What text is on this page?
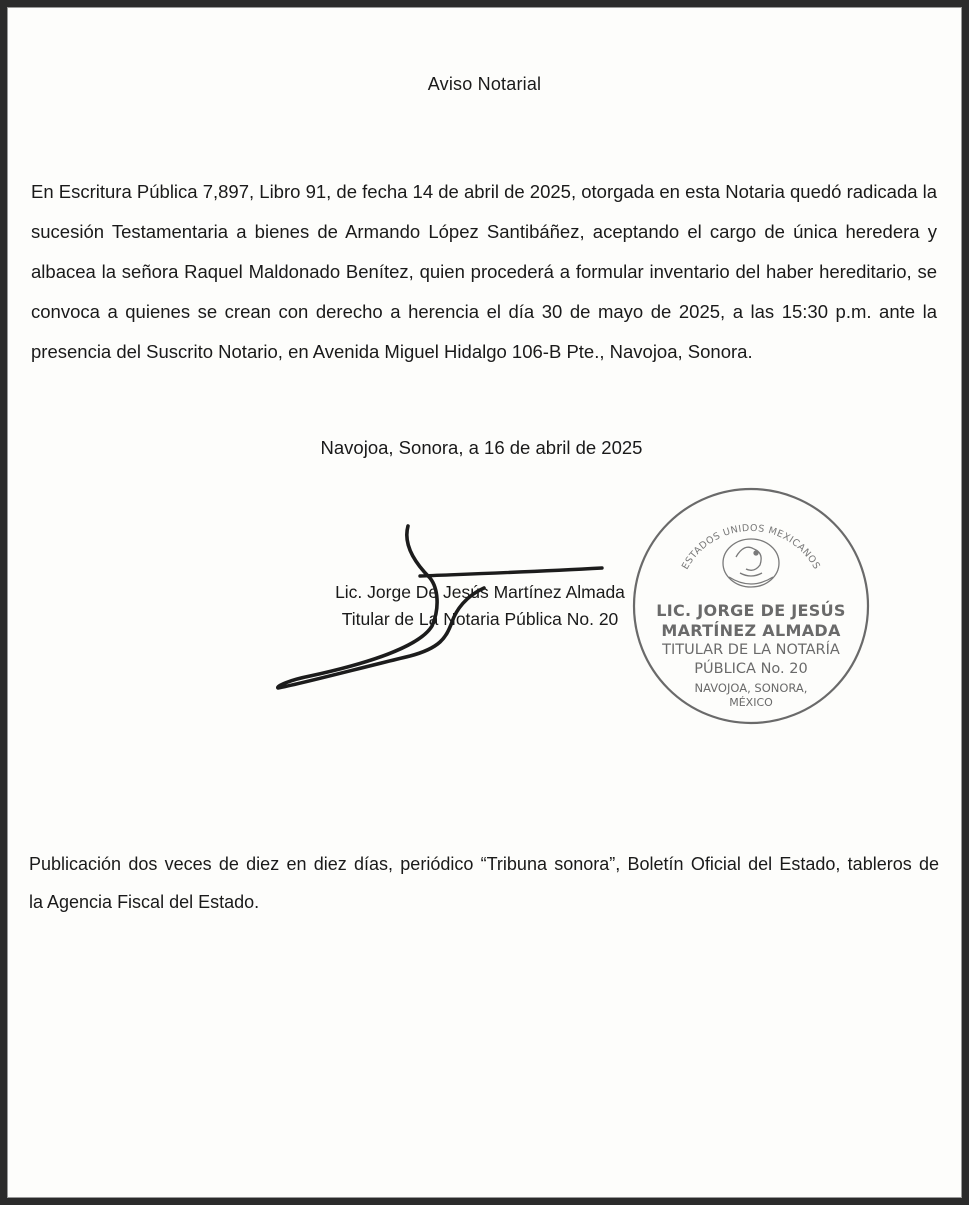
Aviso Notarial
En Escritura Pública 7,897, Libro 91, de fecha 14 de abril de 2025, otorgada en esta Notaria quedó radicada la
sucesión Testamentaria a bienes de Armando López Santibáñez, aceptando el cargo de única heredera y
albacea la señora Raquel Maldonado Benítez, quien procederá a formular inventario del haber hereditario, se
convoca a quienes se crean con derecho a herencia el día 30 de mayo de 2025, a las 15:30 p.m. ante la
presencia del Suscrito Notario, en Avenida Miguel Hidalgo 106-B Pte., Navojoa, Sonora.
Navojoa, Sonora, a 16 de abril de 2025
ESTADOS UNIDOS MEXICANOS
LIC. JORGE DE JESÚS
MARTÍNEZ ALMADA
TITULAR DE LA NOTARÍA
PÚBLICA No. 20
NAVOJOA, SONORA,
MÉXICO
Lic. Jorge De Jesús Martínez Almada
Titular de La Notaria Pública No. 20
Publicación dos veces de diez en diez días, periódico “Tribuna sonora”, Boletín Oficial del Estado, tableros de
la Agencia Fiscal del Estado.
